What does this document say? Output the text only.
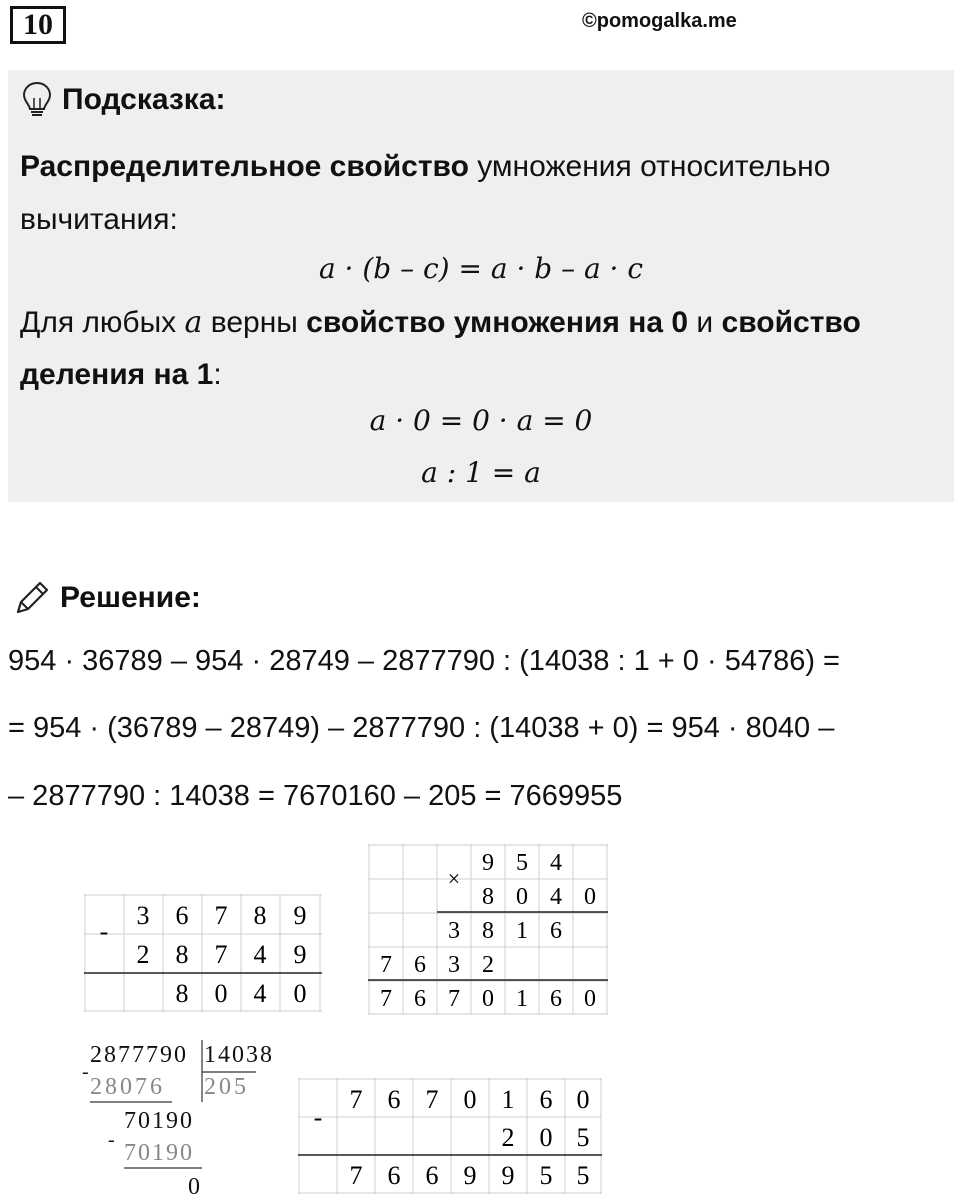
10	©pomogalka.me
Подсказка:
Распределительное свойство умножения относительно
вычитания:
a · (b – c) = a · b – a · c
Для любых a верны свойство умножения на 0 и свойство
деления на 1:
a · 0 = 0 · a = 0
a : 1 = a
Решение:
954 · 36789 – 954 · 28749 – 2877790 : (14038 : 1 + 0 · 54786) =
= 954 · (36789 – 28749) – 2877790 : (14038 + 0) = 954 · 8040 –
– 2877790 : 14038 = 7670160 – 205 = 7669955
-
3 6 7 8 9
2 8 7 4 9
8 0 4 0
×
9 5 4
8 0 4 0
3 8 1 6
7 6 3 2
7 6 7 0 1 6 0
2877790 14038
-
28076 205
70190
- 70190
0
-
7 6 7 0 1 6 0
2 0 5
7 6 6 9 9 5 5
